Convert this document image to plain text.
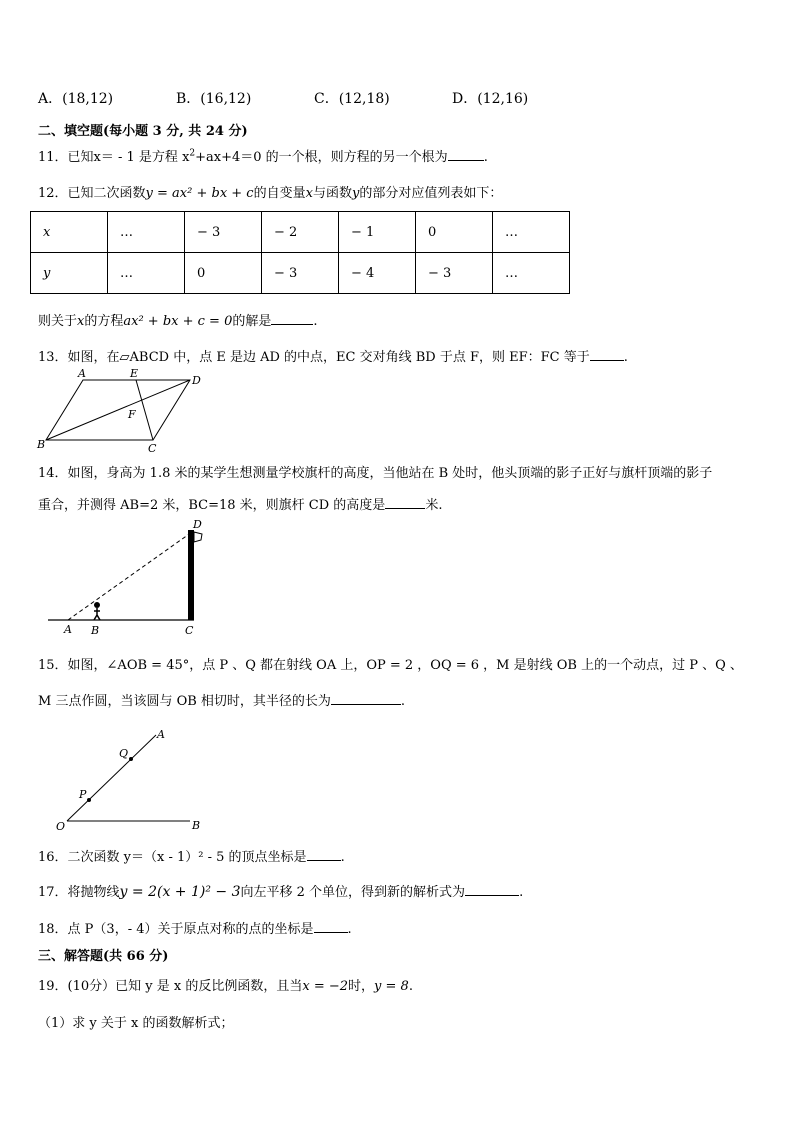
A．(18,12)	B．(16,12)	C．(12,18)	D．(12,16)
二、填空题(每小题 3 分, 共 24 分)
11．已知x＝ - 1 是方程 $x^2+ax+4=0$ 的一个根，则方程的另一个根为	.
12．已知二次函数y = ax² + bx + c的自变量x与函数y的部分对应值列表如下：
x	…	− 3	− 2	− 1	0	…
y	…	0	− 3	− 4	− 3	…
则关于x的方程ax² + bx + c = 0的解是	.
13．如图，在▱ABCD 中，点 E 是边 AD 的中点，EC 交对角线 BD 于点 F，则 EF：FC 等于	.
A	E
D
F
B	C
14．如图，身高为 1.8 米的某学生想测量学校旗杆的高度，当他站在 B 处时，他头顶端的影子正好与旗杆顶端的影子
重合，并测得 AB=2 米，BC=18 米，则旗杆 CD 的高度是	米.
A B	C
D
15．如图，∠AOB = 45°，点 P 、Q 都在射线 OA 上，OP = 2 ，OQ = 6 ，M 是射线 OB 上的一个动点，过 P 、Q 、
M 三点作圆，当该圆与 OB 相切时，其半径的长为	.
O
A
B
P
Q
16．二次函数 y＝（x - 1）² - 5 的顶点坐标是	.
17．将抛物线y = 2(x + 1)² − 3向左平移 2 个单位，得到新的解析式为	.
18．点 P（3，- 4）关于原点对称的点的坐标是	.
三、解答题(共 66 分)
19．(10分）已知 y 是 x 的反比例函数，且当x = −2时，y = 8.
（1）求 y 关于 x 的函数解析式；
